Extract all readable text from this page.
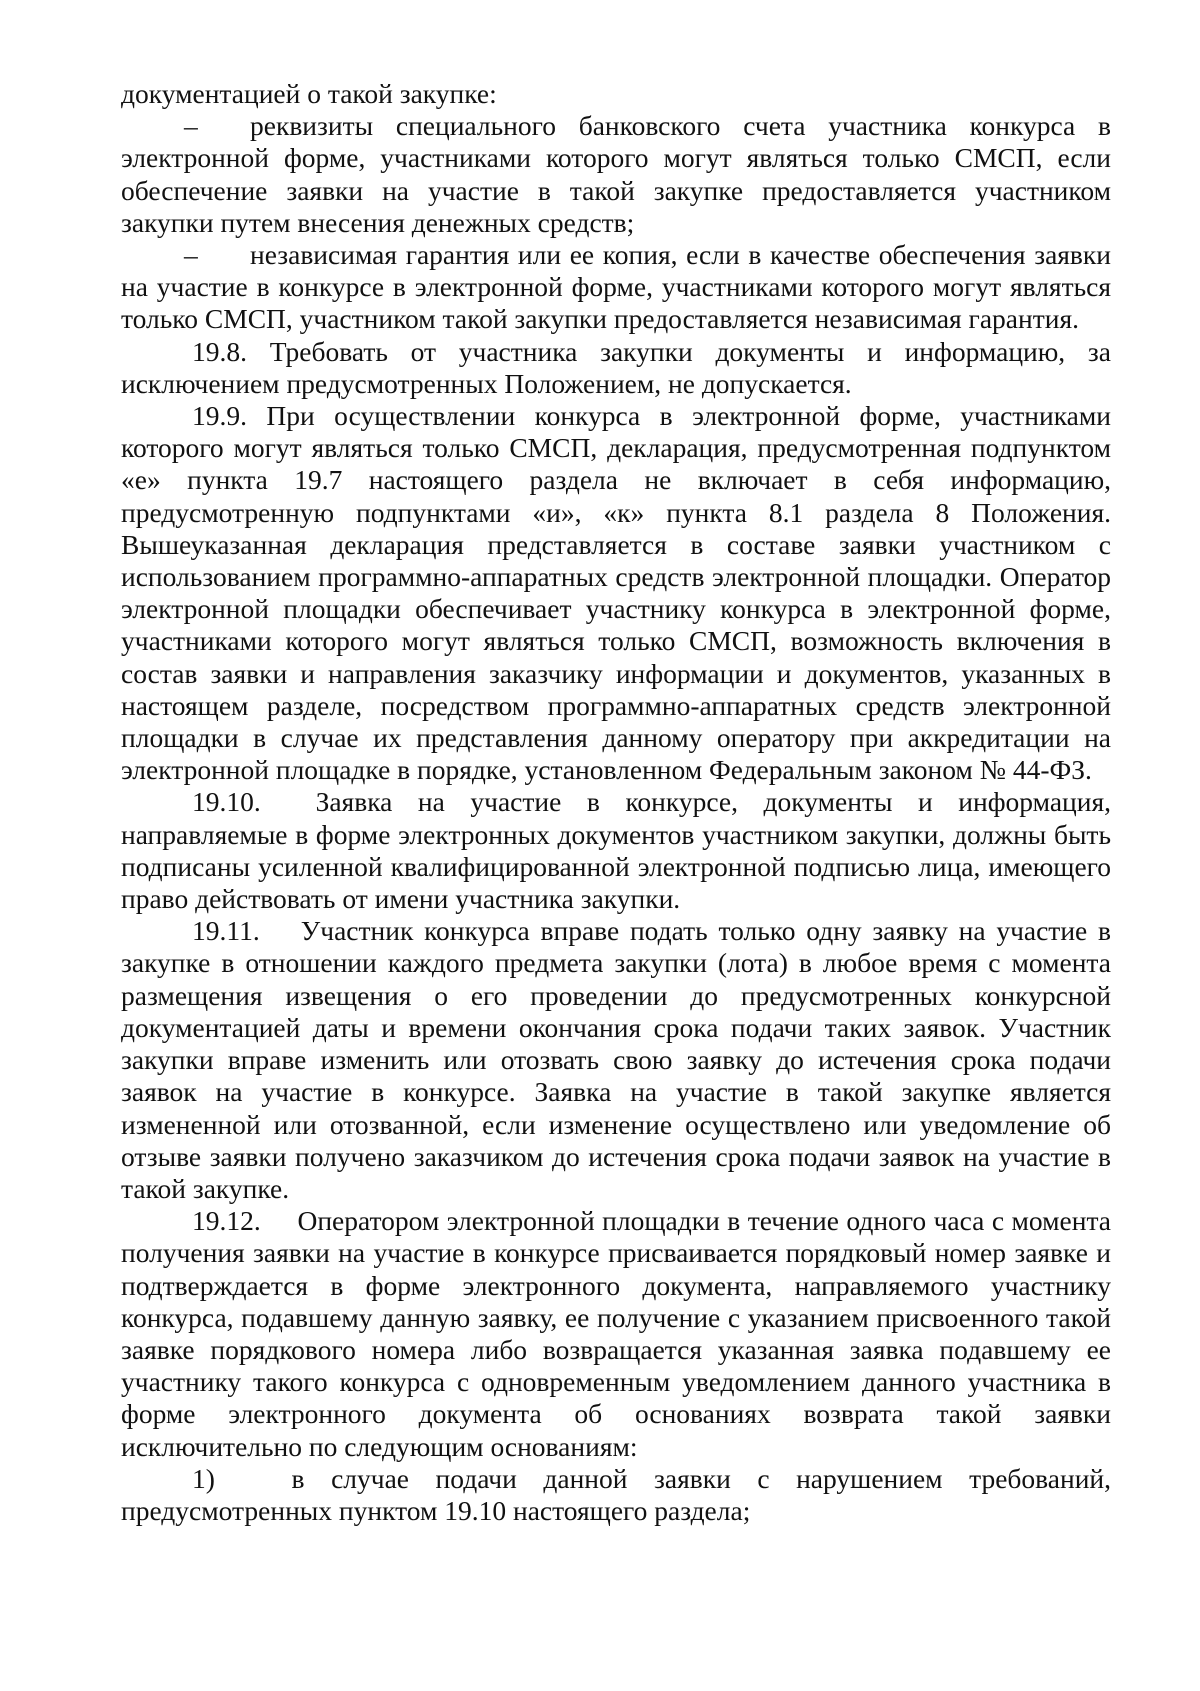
документацией о такой закупке:

– реквизиты специального банковского счета участника конкурса в электронной форме, участниками которого могут являться только СМСП, если обеспечение заявки на участие в такой закупке предоставляется участником закупки путем внесения денежных средств;

– независимая гарантия или ее копия, если в качестве обеспечения заявки на участие в конкурсе в электронной форме, участниками которого могут являться только СМСП, участником такой закупки предоставляется независимая гарантия.

19.8. Требовать от участника закупки документы и информацию, за исключением предусмотренных Положением, не допускается.

19.9. При осуществлении конкурса в электронной форме, участниками которого могут являться только СМСП, декларация, предусмотренная подпунктом «е» пункта 19.7 настоящего раздела не включает в себя информацию, предусмотренную подпунктами «и», «к» пункта 8.1 раздела 8 Положения. Вышеуказанная декларация представляется в составе заявки участником с использованием программно-аппаратных средств электронной площадки. Оператор электронной площадки обеспечивает участнику конкурса в электронной форме, участниками которого могут являться только СМСП, возможность включения в состав заявки и направления заказчику информации и документов, указанных в настоящем разделе, посредством программно-аппаратных средств электронной площадки в случае их представления данному оператору при аккредитации на электронной площадке в порядке, установленном Федеральным законом № 44-ФЗ.

19.10. Заявка на участие в конкурсе, документы и информация, направляемые в форме электронных документов участником закупки, должны быть подписаны усиленной квалифицированной электронной подписью лица, имеющего право действовать от имени участника закупки.

19.11. Участник конкурса вправе подать только одну заявку на участие в закупке в отношении каждого предмета закупки (лота) в любое время с момента размещения извещения о его проведении до предусмотренных конкурсной документацией даты и времени окончания срока подачи таких заявок. Участник закупки вправе изменить или отозвать свою заявку до истечения срока подачи заявок на участие в конкурсе. Заявка на участие в такой закупке является измененной или отозванной, если изменение осуществлено или уведомление об отзыве заявки получено заказчиком до истечения срока подачи заявок на участие в такой закупке.

19.12. Оператором электронной площадки в течение одного часа с момента получения заявки на участие в конкурсе присваивается порядковый номер заявке и подтверждается в форме электронного документа, направляемого участнику конкурса, подавшему данную заявку, ее получение с указанием присвоенного такой заявке порядкового номера либо возвращается указанная заявка подавшему ее участнику такого конкурса с одновременным уведомлением данного участника в форме электронного документа об основаниях возврата такой заявки исключительно по следующим основаниям:

1)	в случае подачи данной заявки с нарушением требований, предусмотренных пунктом 19.10 настоящего раздела;
